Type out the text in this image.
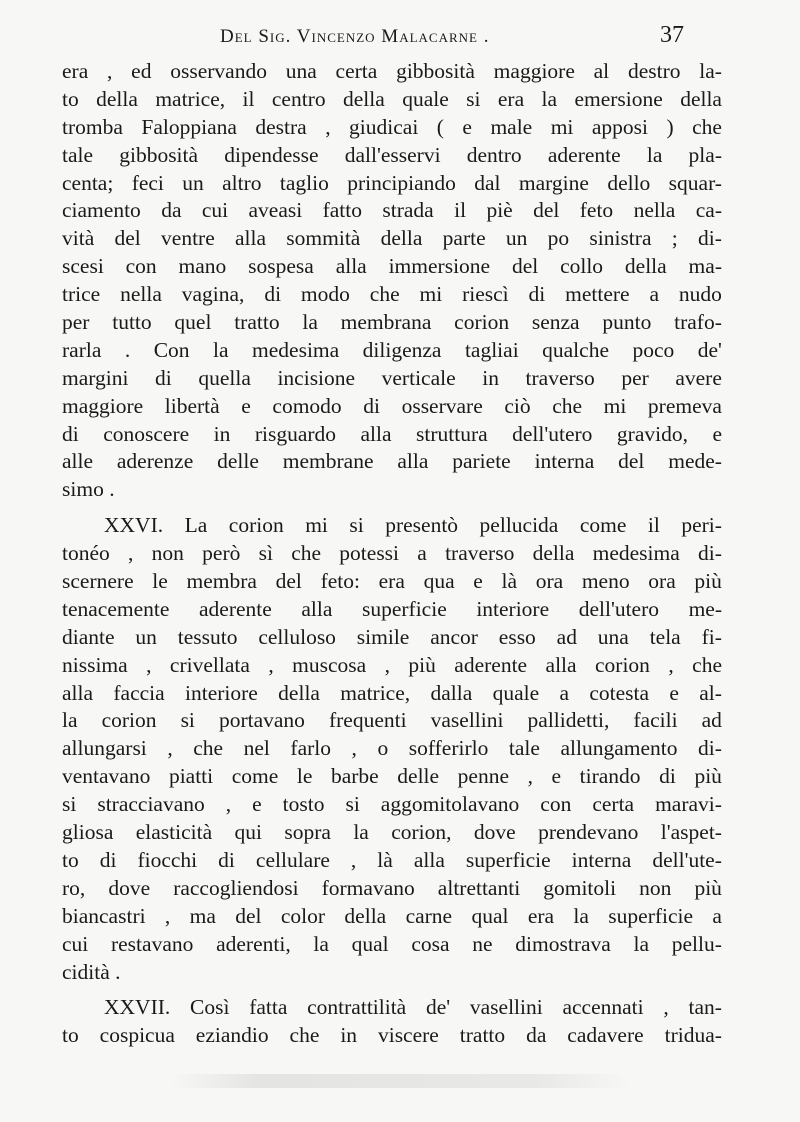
Del Sig. Vincenzo Malacarne .	37
era , ed osservando una certa gibbosità maggiore al destro la-
to della matrice, il centro della quale si era la emersione della
tromba Faloppiana destra , giudicai ( e male mi apposi ) che
tale gibbosità dipendesse dall'esservi dentro aderente la pla-
centa; feci un altro taglio principiando dal margine dello squar-
ciamento da cui aveasi fatto strada il piè del feto nella ca-
vità del ventre alla sommità della parte un po sinistra ; di-
scesi con mano sospesa alla immersione del collo della ma-
trice nella vagina, di modo che mi riescì di mettere a nudo
per tutto quel tratto la membrana corion senza punto trafo-
rarla . Con la medesima diligenza tagliai qualche poco de'
margini di quella incisione verticale in traverso per avere
maggiore libertà e comodo di osservare ciò che mi premeva
di conoscere in risguardo alla struttura dell'utero gravido, e
alle aderenze delle membrane alla pariete interna del mede-
simo .
XXVI. La corion mi si presentò pellucida come il peri-
tonéo , non però sì che potessi a traverso della medesima di-
scernere le membra del feto: era qua e là ora meno ora più
tenacemente aderente alla superficie interiore dell'utero me-
diante un tessuto celluloso simile ancor esso ad una tela fi-
nissima , crivellata , muscosa , più aderente alla corion , che
alla faccia interiore della matrice, dalla quale a cotesta e al-
la corion si portavano frequenti vasellini pallidetti, facili ad
allungarsi , che nel farlo , o sofferirlo tale allungamento di-
ventavano piatti come le barbe delle penne , e tirando di più
si stracciavano , e tosto si aggomitolavano con certa maravi-
gliosa elasticità qui sopra la corion, dove prendevano l'aspet-
to di fiocchi di cellulare , là alla superficie interna dell'ute-
ro, dove raccogliendosi formavano altrettanti gomitoli non più
biancastri , ma del color della carne qual era la superficie a
cui restavano aderenti, la qual cosa ne dimostrava la pellu-
cidità .
XXVII. Così fatta contrattilità de' vasellini accennati , tan-
to cospicua eziandio che in viscere tratto da cadavere tridua-
